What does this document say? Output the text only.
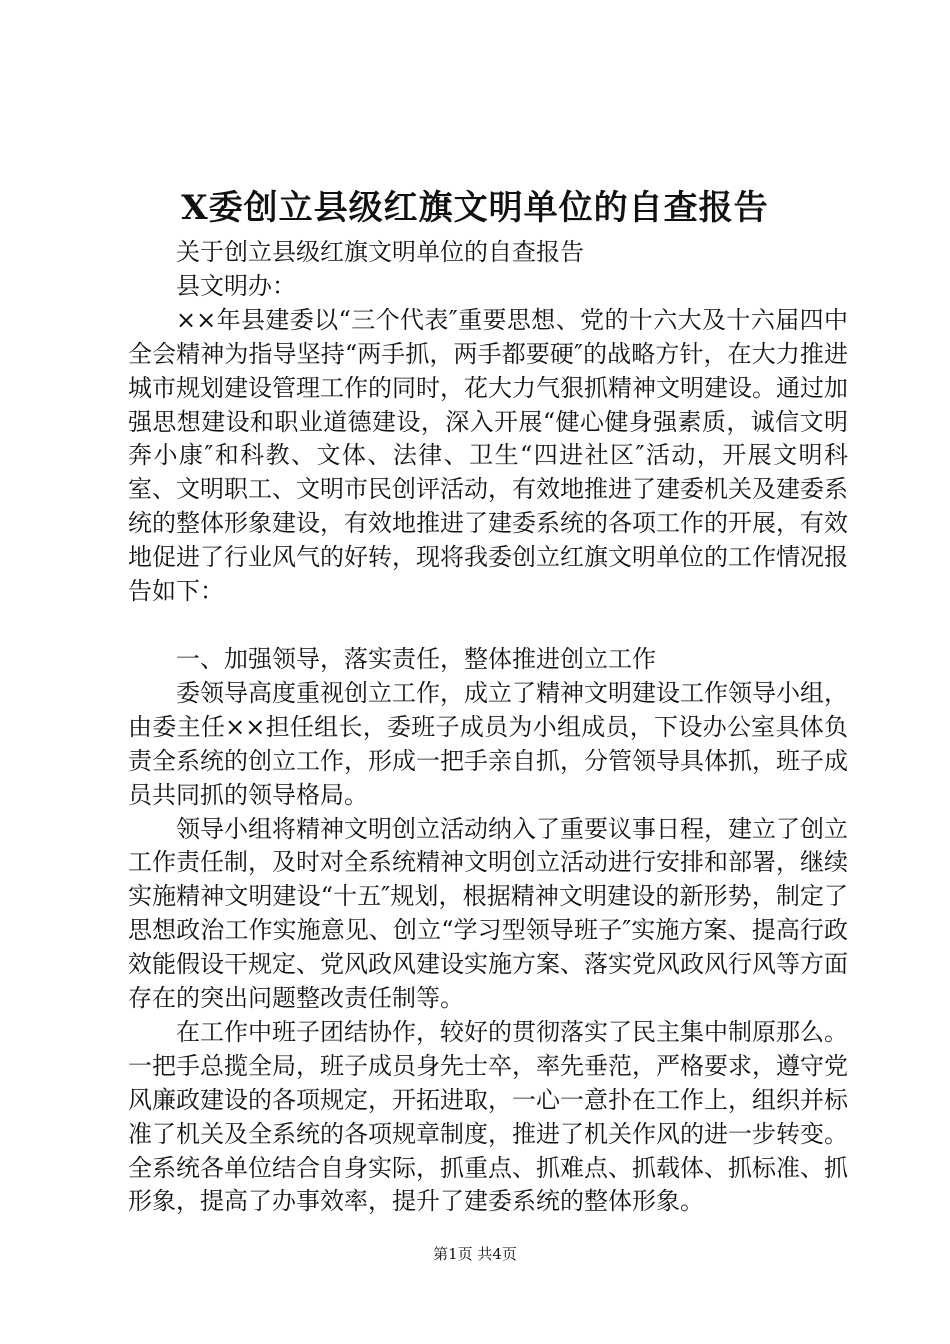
X委创立县级红旗文明单位的自查报告

关于创立县级红旗文明单位的自查报告

县文明办：

××年县建委以“三个代表″重要思想、党的十六大及十六届四中全会精神为指导坚持“两手抓，两手都要硬″的战略方针，在大力推进城市规划建设管理工作的同时，花大力气狠抓精神文明建设。通过加强思想建设和职业道德建设，深入开展“健心健身强素质，诚信文明奔小康″和科教、文体、法律、卫生“四进社区″活动，开展文明科室、文明职工、文明市民创评活动，有效地推进了建委机关及建委系统的整体形象建设，有效地推进了建委系统的各项工作的开展，有效地促进了行业风气的好转，现将我委创立红旗文明单位的工作情况报告如下：

一、加强领导，落实责任，整体推进创立工作

委领导高度重视创立工作，成立了精神文明建设工作领导小组，由委主任××担任组长，委班子成员为小组成员，下设办公室具体负责全系统的创立工作，形成一把手亲自抓，分管领导具体抓，班子成员共同抓的领导格局。

领导小组将精神文明创立活动纳入了重要议事日程，建立了创立工作责任制，及时对全系统精神文明创立活动进行安排和部署，继续实施精神文明建设“十五″规划，根据精神文明建设的新形势，制定了思想政治工作实施意见、创立“学习型领导班子″实施方案、提高行政效能假设干规定、党风政风建设实施方案、落实党风政风行风等方面存在的突出问题整改责任制等。

在工作中班子团结协作，较好的贯彻落实了民主集中制原那么。一把手总揽全局，班子成员身先士卒，率先垂范，严格要求，遵守党风廉政建设的各项规定，开拓进取，一心一意扑在工作上，组织并标准了机关及全系统的各项规章制度，推进了机关作风的进一步转变。全系统各单位结合自身实际，抓重点、抓难点、抓载体、抓标准、抓形象，提高了办事效率，提升了建委系统的整体形象。

第1页 共4页
